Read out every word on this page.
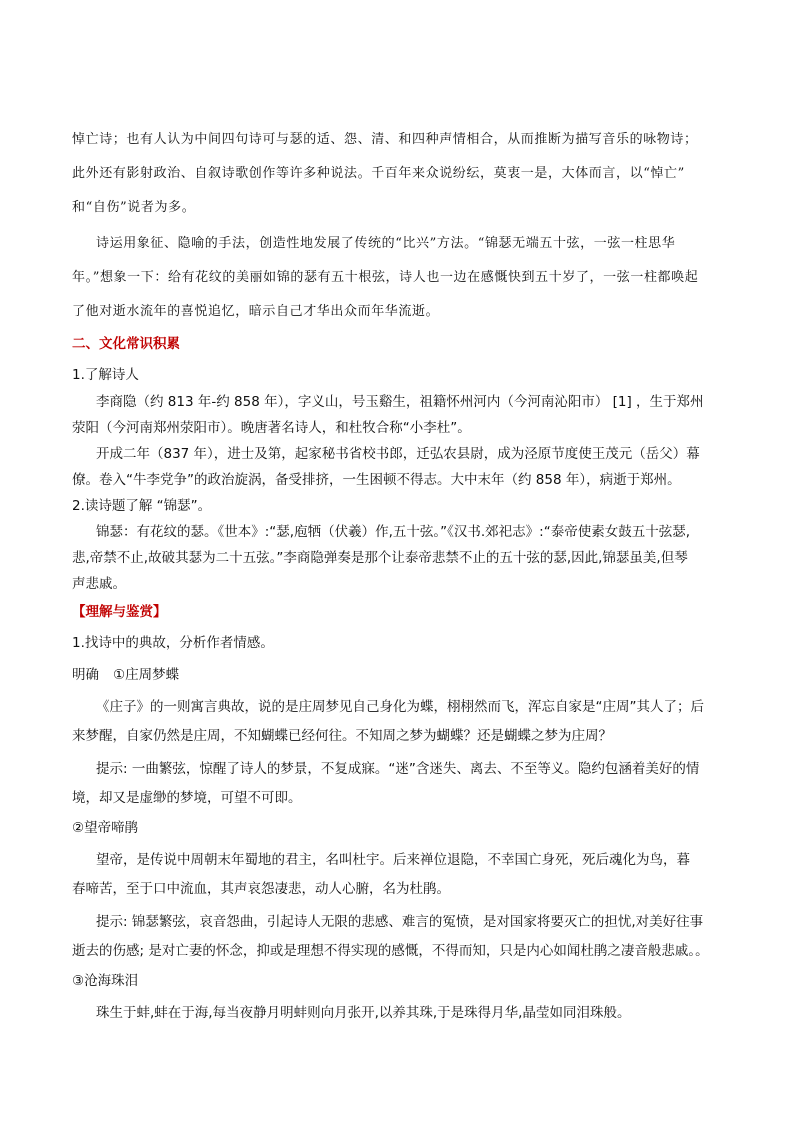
悼亡诗；也有人认为中间四句诗可与瑟的适、怨、清、和四种声情相合，从而推断为描写音乐的咏物诗；
此外还有影射政治、自叙诗歌创作等许多种说法。千百年来众说纷纭，莫衷一是，大体而言，以“悼亡”
和“自伤”说者为多。
诗运用象征、隐喻的手法，创造性地发展了传统的“比兴”方法。“锦瑟无端五十弦，一弦一柱思华
年。”想象一下：给有花纹的美丽如锦的瑟有五十根弦，诗人也一边在感慨快到五十岁了，一弦一柱都唤起
了他对逝水流年的喜悦追忆，暗示自己才华出众而年华流逝。
二、文化常识积累
1.了解诗人
李商隐（约 813 年-约 858 年），字义山，号玉谿生，祖籍怀州河内（今河南沁阳市） [1] ，生于郑州
荥阳（今河南郑州荥阳市）。晚唐著名诗人，和杜牧合称“小李杜”。
开成二年（837 年），进士及第，起家秘书省校书郎，迁弘农县尉，成为泾原节度使王茂元（岳父）幕
僚。卷入“牛李党争”的政治旋涡，备受排挤，一生困顿不得志。大中末年（约 858 年），病逝于郑州。
2.读诗题了解 “锦瑟”。
锦瑟：有花纹的瑟。《世本》:“瑟,庖牺（伏羲）作,五十弦。”《汉书.郊祀志》:“泰帝使素女鼓五十弦瑟,
悲,帝禁不止,故破其瑟为二十五弦。”李商隐弹奏是那个让泰帝悲禁不止的五十弦的瑟,因此,锦瑟虽美,但琴
声悲戚。
【理解与鉴赏】
1.找诗中的典故，分析作者情感。
明确 ①庄周梦蝶
《庄子》的一则寓言典故，说的是庄周梦见自己身化为蝶，栩栩然而飞，浑忘自家是“庄周”其人了；后
来梦醒，自家仍然是庄周，不知蝴蝶已经何往。不知周之梦为蝴蝶？还是蝴蝶之梦为庄周？
提示: 一曲繁弦，惊醒了诗人的梦景，不复成寐。“迷”含迷失、离去、不至等义。隐约包涵着美好的情
境，却又是虚缈的梦境，可望不可即。
②望帝啼鹃
望帝，是传说中周朝末年蜀地的君主，名叫杜宇。后来禅位退隐，不幸国亡身死，死后魂化为鸟，暮
春啼苦，至于口中流血，其声哀怨凄悲，动人心腑，名为杜鹃。
提示: 锦瑟繁弦，哀音怨曲，引起诗人无限的悲感、难言的冤愤，是对国家将要灭亡的担忧,对美好往事
逝去的伤感; 是对亡妻的怀念，抑或是理想不得实现的感慨，不得而知，只是内心如闻杜鹃之凄音般悲戚。。
③沧海珠泪
珠生于蚌,蚌在于海,每当夜静月明蚌则向月张开,以养其珠,于是珠得月华,晶莹如同泪珠般。
